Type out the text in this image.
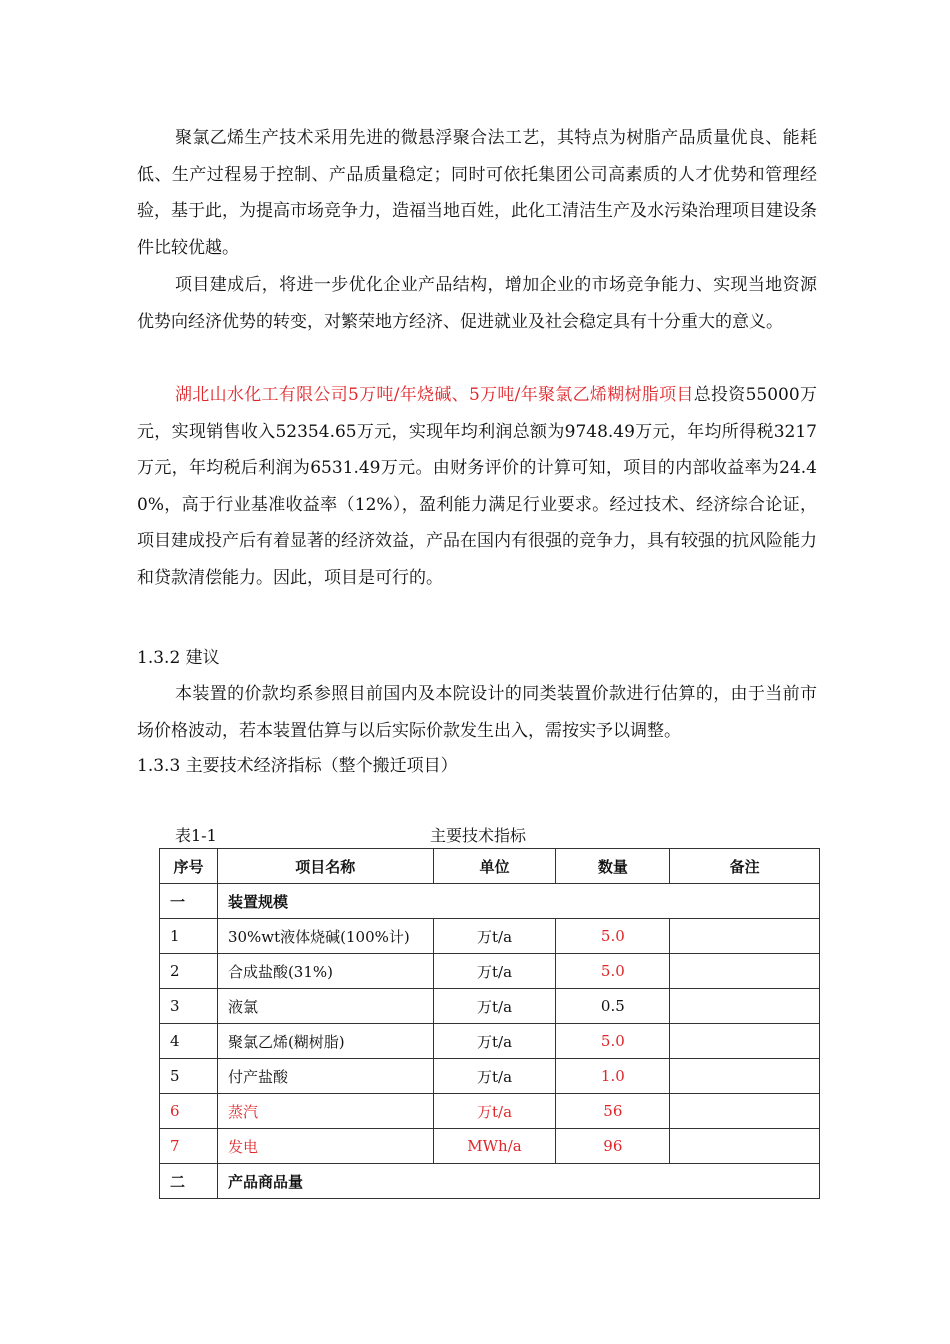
聚氯乙烯生产技术采用先进的微悬浮聚合法工艺，其特点为树脂产品质量优良、能耗低、生产过程易于控制、产品质量稳定；同时可依托集团公司高素质的人才优势和管理经验，基于此，为提高市场竞争力，造福当地百姓，此化工清洁生产及水污染治理项目建设条件比较优越。

项目建成后，将进一步优化企业产品结构，增加企业的市场竞争能力、实现当地资源优势向经济优势的转变，对繁荣地方经济、促进就业及社会稳定具有十分重大的意义。

湖北山水化工有限公司5万吨/年烧碱、5万吨/年聚氯乙烯糊树脂项目总投资55000万元，实现销售收入52354.65万元，实现年均利润总额为9748.49万元，年均所得税3217万元，年均税后利润为6531.49万元。由财务评价的计算可知，项目的内部收益率为24.40%，高于行业基准收益率（12%），盈利能力满足行业要求。经过技术、经济综合论证，项目建成投产后有着显著的经济效益，产品在国内有很强的竞争力，具有较强的抗风险能力和贷款清偿能力。因此，项目是可行的。

1.3.2 建议

本装置的价款均系参照目前国内及本院设计的同类装置价款进行估算的，由于当前市场价格波动，若本装置估算与以后实际价款发生出入，需按实予以调整。

1.3.3 主要技术经济指标（整个搬迁项目）

表1-1	主要技术指标
序号	项目名称	单位	数量	备注
一	装置规模			
1	30%wt液体烧碱(100%计)	万t/a	5.0	
2	合成盐酸(31%)	万t/a	5.0	
3	液氯	万t/a	0.5	
4	聚氯乙烯(糊树脂)	万t/a	5.0	
5	付产盐酸	万t/a	1.0	
6	蒸汽	万t/a	56	
7	发电	MWh/a	96	
二	产品商品量			
